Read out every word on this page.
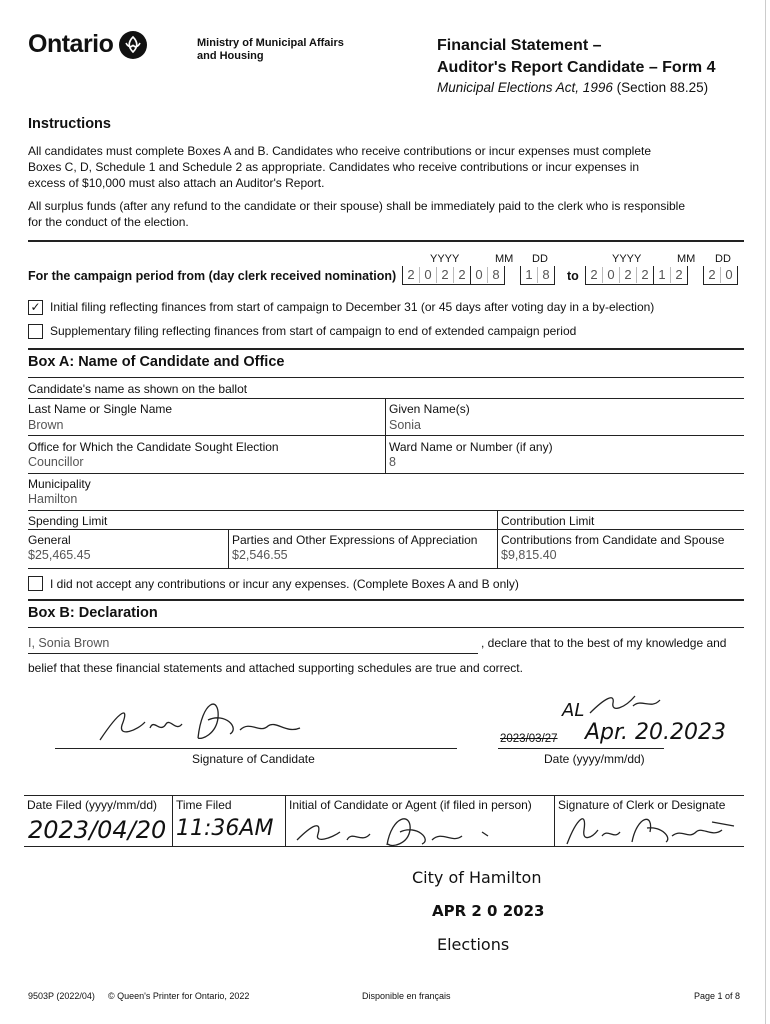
Ontario	Ministry of Municipal Affairs
and Housing
Financial Statement –
Auditor's Report Candidate – Form 4
Municipal Elections Act, 1996 (Section 88.25)
Instructions
All candidates must complete Boxes A and B. Candidates who receive contributions or incur expenses must complete
Boxes C, D, Schedule 1 and Schedule 2 as appropriate. Candidates who receive contributions or incur expenses in
excess of $10,000 must also attach an Auditor's Report.
All surplus funds (after any refund to the candidate or their spouse) shall be immediately paid to the clerk who is responsible
for the conduct of the election.
YYYY	MM DD	YYYY	MM DD
For the campaign period from (day clerk received nomination) 2 0 2 2 0 8	1 8	to 2 0 2 2 1 2	2 0
✓ Initial filing reflecting finances from start of campaign to December 31 (or 45 days after voting day in a by-election)
Supplementary filing reflecting finances from start of campaign to end of extended campaign period
Box A: Name of Candidate and Office
Candidate's name as shown on the ballot
Last Name or Single Name
Brown
Given Name(s)
Sonia
Office for Which the Candidate Sought Election
Councillor
Ward Name or Number (if any)
8
Municipality
Hamilton
Spending Limit	Contribution Limit
General
$25,465.45
Parties and Other Expressions of Appreciation
$2,546.55
Contributions from Candidate and Spouse
$9,815.40
I did not accept any contributions or incur any expenses. (Complete Boxes A and B only)
Box B: Declaration
I, Sonia Brown	, declare that to the best of my knowledge and
belief that these financial statements and attached supporting schedules are true and correct.
Signature of Candidate
AL
2023/03/27 Apr. 20.2023
Date (yyyy/mm/dd)
Date Filed (yyyy/mm/dd)
2023/04/20
Time Filed
11:36AM
Initial of Candidate or Agent (if filed in person) Signature of Clerk or Designate
City of Hamilton
APR 2 0 2023
Elections
9503P (2022/04) © Queen's Printer for Ontario, 2022	Disponible en français	Page 1 of 8
